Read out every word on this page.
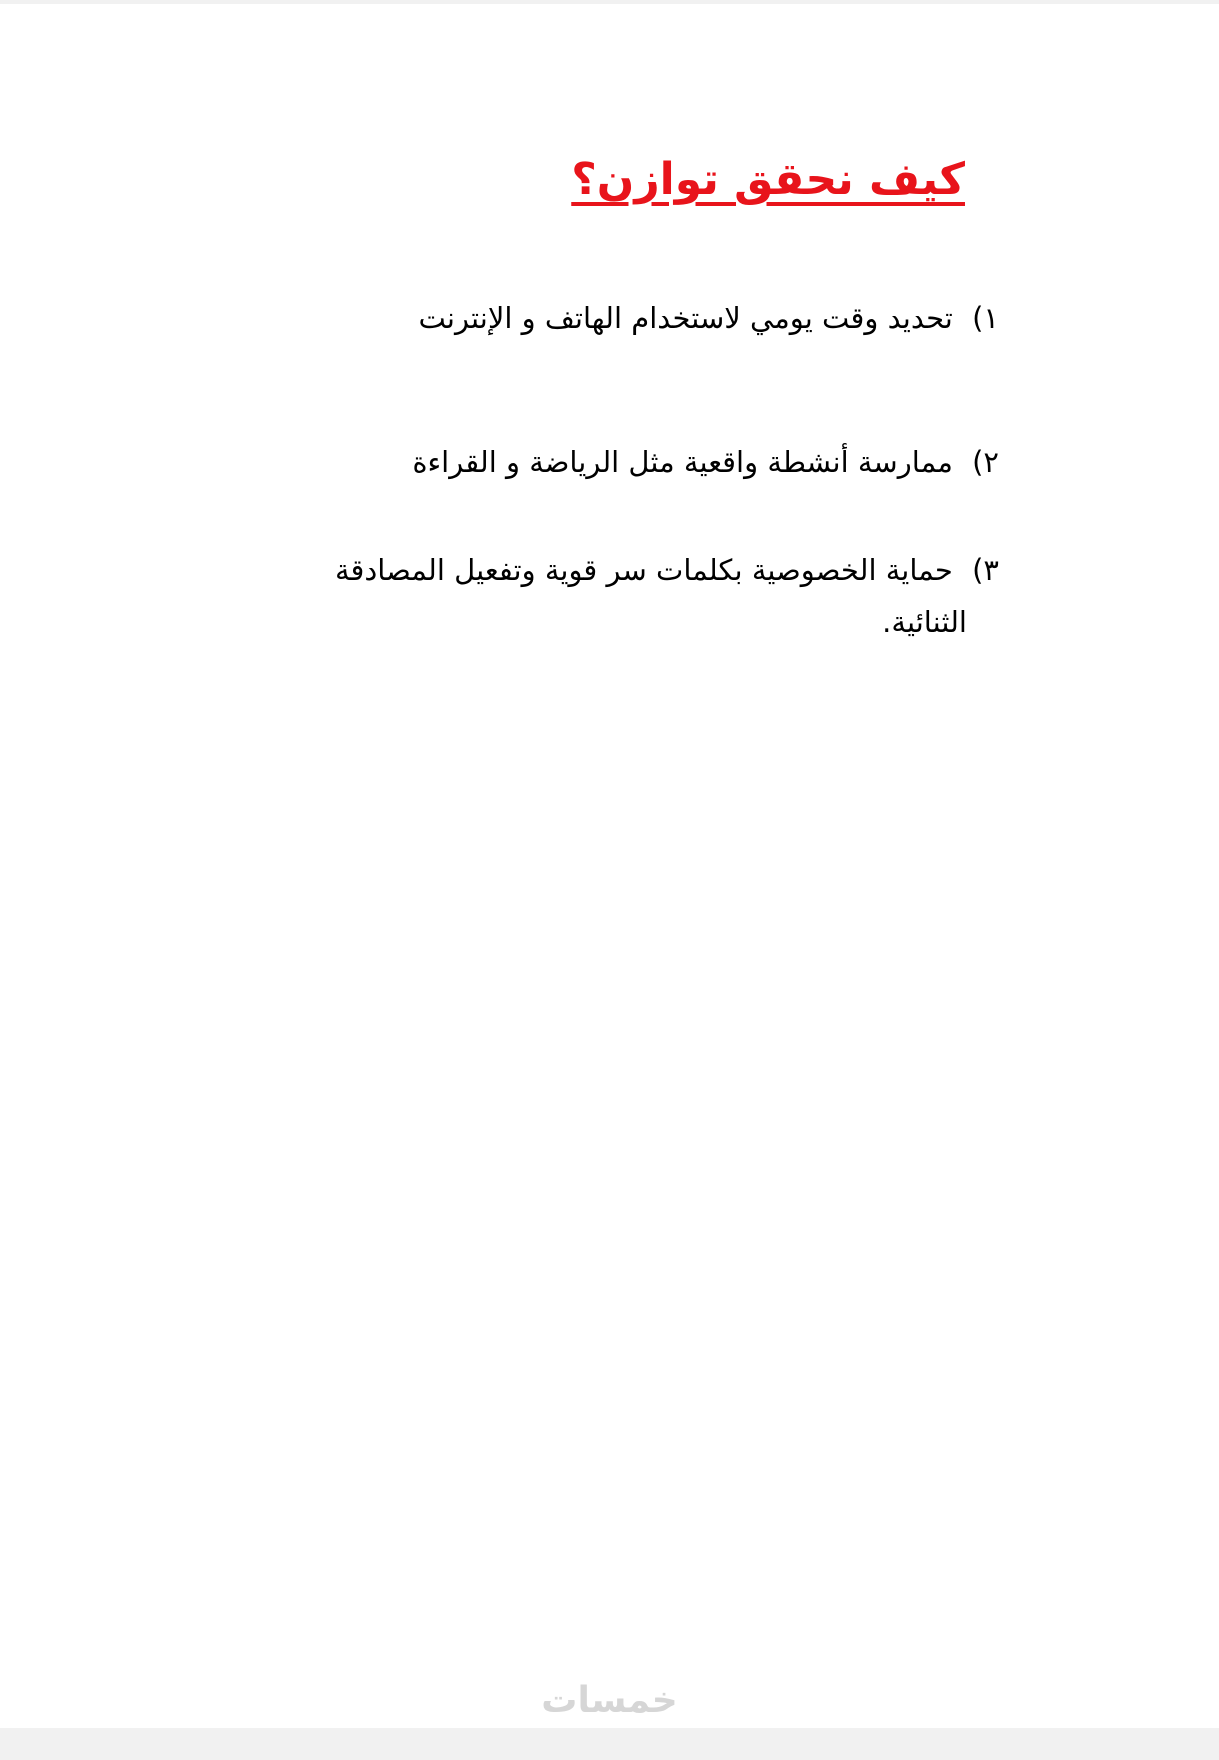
كيف نحقق توازن؟
١) تحديد وقت يومي لاستخدام الهاتف و الإنترنت
٢) ممارسة أنشطة واقعية مثل الرياضة و القراءة
٣) حماية الخصوصية بكلمات سر قوية وتفعيل المصادقة
الثنائية.
خمسات
